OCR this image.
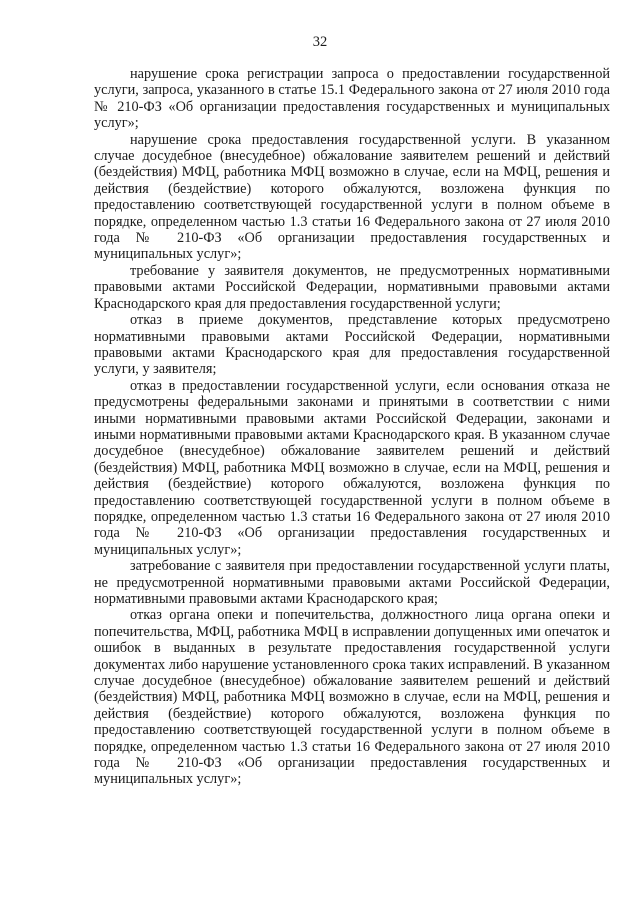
32

нарушение срока регистрации запроса о предоставлении государственной услуги, запроса, указанного в статье 15.1 Федерального закона от 27 июля 2010 года № 210-ФЗ «Об организации предоставления государственных и муниципальных услуг»;

нарушение срока предоставления государственной услуги. В указанном случае досудебное (внесудебное) обжалование заявителем решений и действий (бездействия) МФЦ, работника МФЦ возможно в случае, если на МФЦ, решения и действия (бездействие) которого обжалуются, возложена функция по предоставлению соответствующей государственной услуги в полном объеме в порядке, определенном частью 1.3 статьи 16 Федерального закона от 27 июля 2010 года № 210-ФЗ «Об организации предоставления государственных и муниципальных услуг»;

требование у заявителя документов, не предусмотренных нормативными правовыми актами Российской Федерации, нормативными правовыми актами Краснодарского края для предоставления государственной услуги;

отказ в приеме документов, представление которых предусмотрено нормативными правовыми актами Российской Федерации, нормативными правовыми актами Краснодарского края для предоставления государственной услуги, у заявителя;

отказ в предоставлении государственной услуги, если основания отказа не предусмотрены федеральными законами и принятыми в соответствии с ними иными нормативными правовыми актами Российской Федерации, законами и иными нормативными правовыми актами Краснодарского края. В указанном случае досудебное (внесудебное) обжалование заявителем решений и действий (бездействия) МФЦ, работника МФЦ возможно в случае, если на МФЦ, решения и действия (бездействие) которого обжалуются, возложена функция по предоставлению соответствующей государственной услуги в полном объеме в порядке, определенном частью 1.3 статьи 16 Федерального закона от 27 июля 2010 года № 210-ФЗ «Об организации предоставления государственных и муниципальных услуг»;

затребование с заявителя при предоставлении государственной услуги платы, не предусмотренной нормативными правовыми актами Российской Федерации, нормативными правовыми актами Краснодарского края;

отказ органа опеки и попечительства, должностного лица органа опеки и попечительства, МФЦ, работника МФЦ в исправлении допущенных ими опечаток и ошибок в выданных в результате предоставления государственной услуги документах либо нарушение установленного срока таких исправлений. В указанном случае досудебное (внесудебное) обжалование заявителем решений и действий (бездействия) МФЦ, работника МФЦ возможно в случае, если на МФЦ, решения и действия (бездействие) которого обжалуются, возложена функция по предоставлению соответствующей государственной услуги в полном объеме в порядке, определенном частью 1.3 статьи 16 Федерального закона от 27 июля 2010 года № 210-ФЗ «Об организации предоставления государственных и муниципальных услуг»;
